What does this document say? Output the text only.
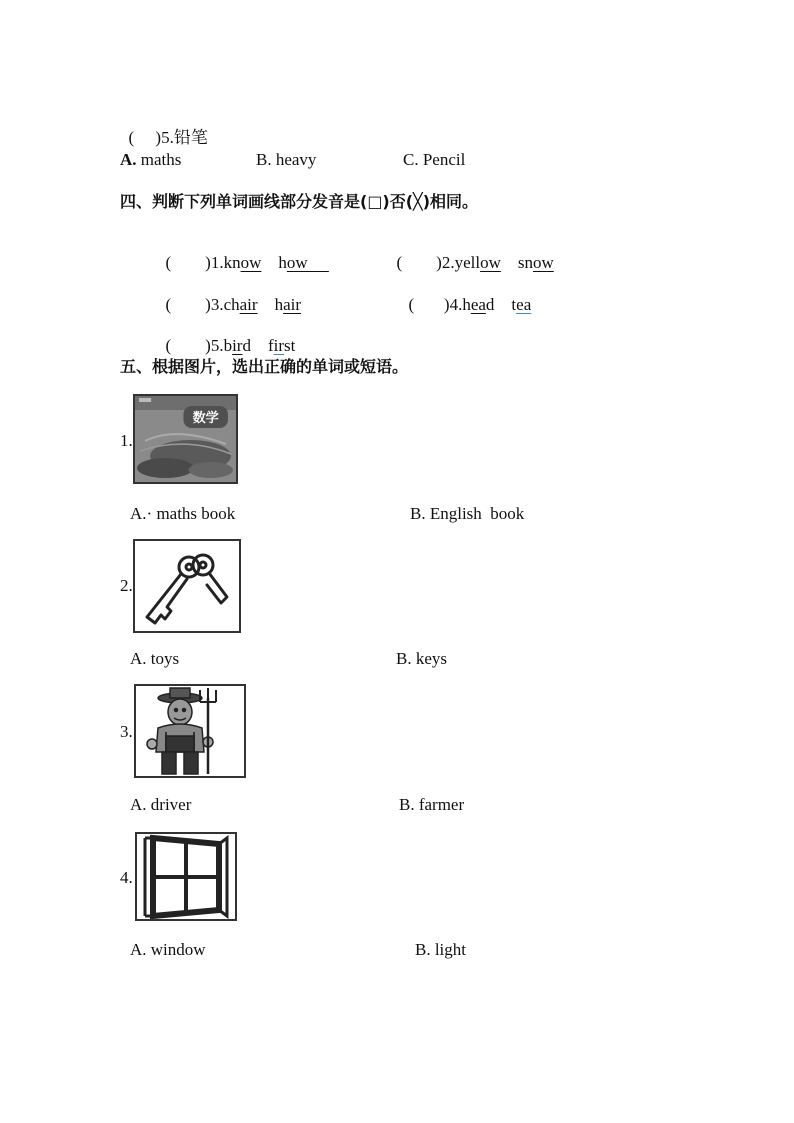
(     )5.铅笔

A. maths	B. heavy	C. Pencil
四、判断下列单词画线部分发音是(□)否(╳)相同。

(        )1.know how	(        )2.yellow snow

(        )3.chair hair	(       )4.head tea

(        )5.bird first

五、根据图片，选出正确的单词或短语。
1.
数学
A.· maths book	B. English  book
2.
A. toys	B. keys
3.
A. driver	B. farmer
4.
A. window	B. light
